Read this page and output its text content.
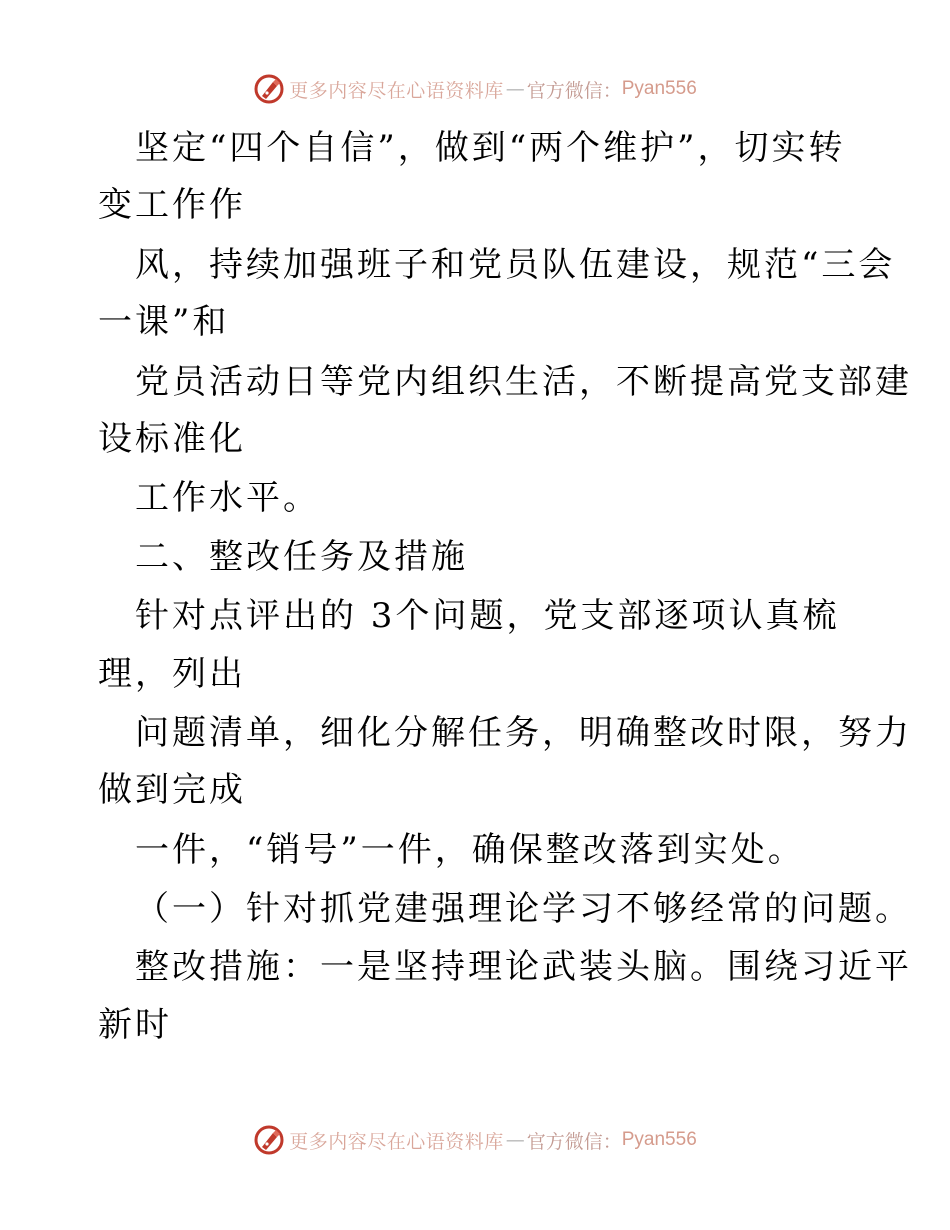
更多内容尽在心语资料库 — 官方微信： Pyan556
坚定“四个自信”，做到“两个维护”，切实转
变工作作
风，持续加强班子和党员队伍建设，规范“三会
一课”和
党员活动日等党内组织生活，不断提高党支部建
设标准化
工作水平。
二、整改任务及措施
针对点评出的 3个问题，党支部逐项认真梳
理，列出
问题清单，细化分解任务，明确整改时限，努力
做到完成
一件，“销号”一件，确保整改落到实处。
（一）针对抓党建强理论学习不够经常的问题。
整改措施：一是坚持理论武装头脑。围绕习近平
新时
更多内容尽在心语资料库 — 官方微信： Pyan556
